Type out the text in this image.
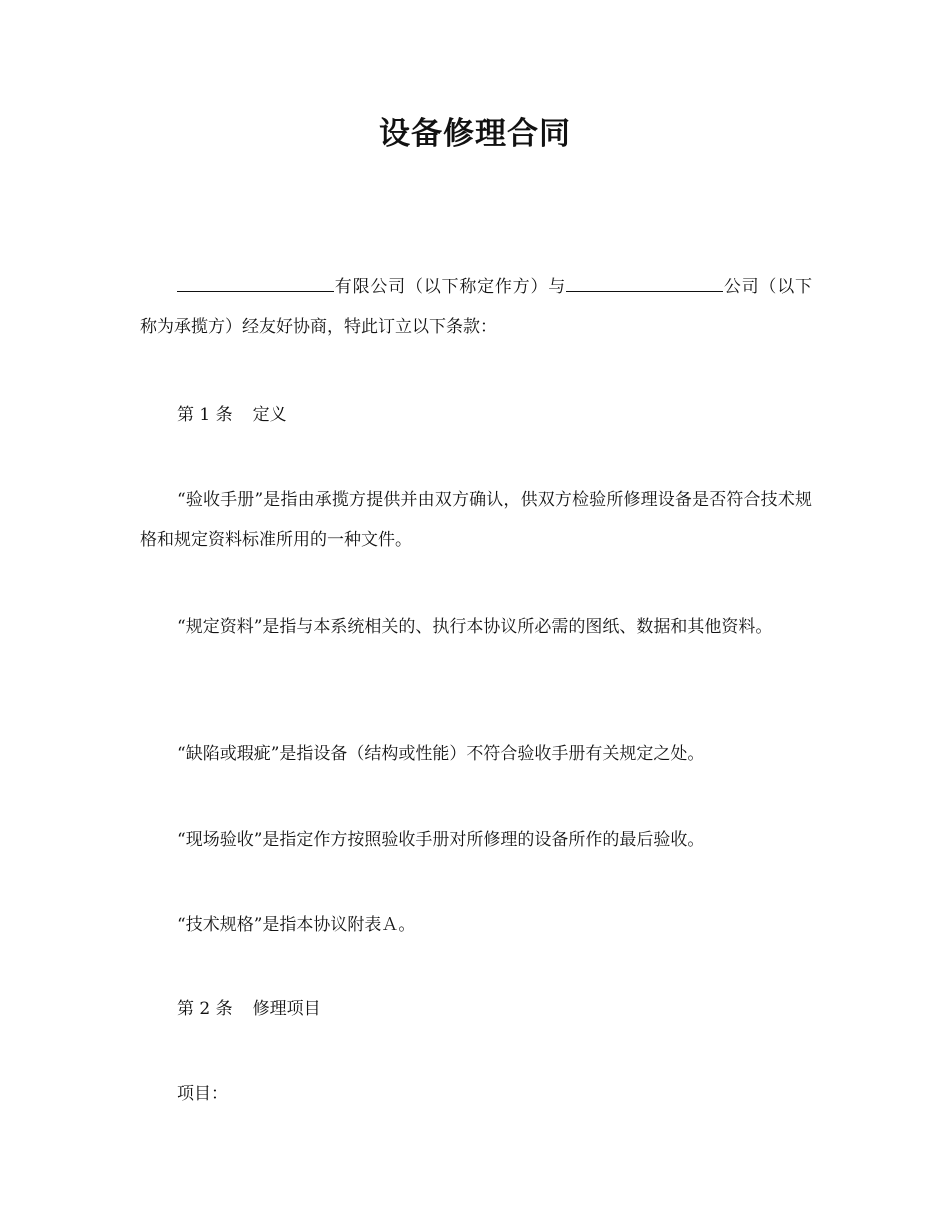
设备修理合同
有限公司（以下称定作方）与	公司（以下称为承揽方）经友好协商，特此订立以下条款：
第 1 条 定义
“验收手册”是指由承揽方提供并由双方确认，供双方检验所修理设备是否符合技术规格和规定资料标准所用的一种文件。
“规定资料”是指与本系统相关的、执行本协议所必需的图纸、数据和其他资料。
“缺陷或瑕疵”是指设备（结构或性能）不符合验收手册有关规定之处。
“现场验收”是指定作方按照验收手册对所修理的设备所作的最后验收。
“技术规格”是指本协议附表Ａ。
第 2 条 修理项目
项目：
